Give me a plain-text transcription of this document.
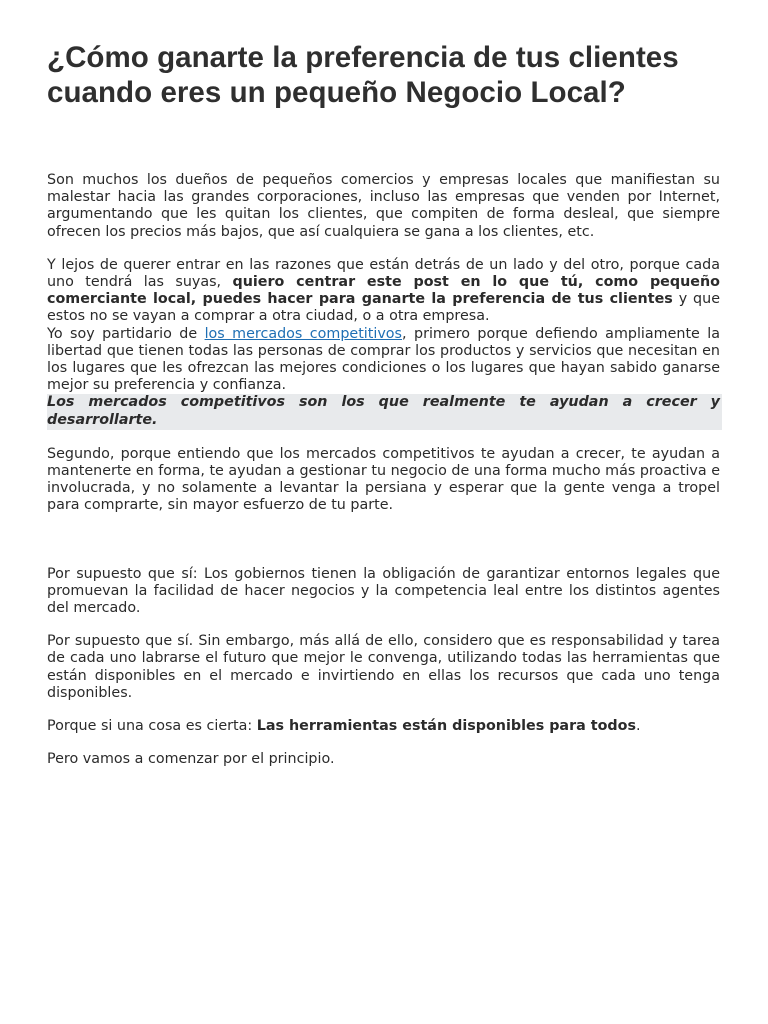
¿Cómo ganarte la preferencia de tus clientes cuando eres un pequeño Negocio Local?

Son muchos los dueños de pequeños comercios y empresas locales que manifiestan su malestar hacia las grandes corporaciones, incluso las empresas que venden por Internet, argumentando que les quitan los clientes, que compiten de forma desleal, que siempre ofrecen los precios más bajos, que así cualquiera se gana a los clientes, etc.

Y lejos de querer entrar en las razones que están detrás de un lado y del otro, porque cada uno tendrá las suyas, quiero centrar este post en lo que tú, como pequeño comerciante local, puedes hacer para ganarte la preferencia de tus clientes y que estos no se vayan a comprar a otra ciudad, o a otra empresa.

Yo soy partidario de los mercados competitivos, primero porque defiendo ampliamente la libertad que tienen todas las personas de comprar los productos y servicios que necesitan en los lugares que les ofrezcan las mejores condiciones o los lugares que hayan sabido ganarse mejor su preferencia y confianza.

Los mercados competitivos son los que realmente te ayudan a crecer y desarrollarte.

Segundo, porque entiendo que los mercados competitivos te ayudan a crecer, te ayudan a mantenerte en forma, te ayudan a gestionar tu negocio de una forma mucho más proactiva e involucrada, y no solamente a levantar la persiana y esperar que la gente venga a tropel para comprarte, sin mayor esfuerzo de tu parte.

Por supuesto que sí: Los gobiernos tienen la obligación de garantizar entornos legales que promuevan la facilidad de hacer negocios y la competencia leal entre los distintos agentes del mercado.

Por supuesto que sí. Sin embargo, más allá de ello, considero que es responsabilidad y tarea de cada uno labrarse el futuro que mejor le convenga, utilizando todas las herramientas que están disponibles en el mercado e invirtiendo en ellas los recursos que cada uno tenga disponibles.

Porque si una cosa es cierta: Las herramientas están disponibles para todos.

Pero vamos a comenzar por el principio.
